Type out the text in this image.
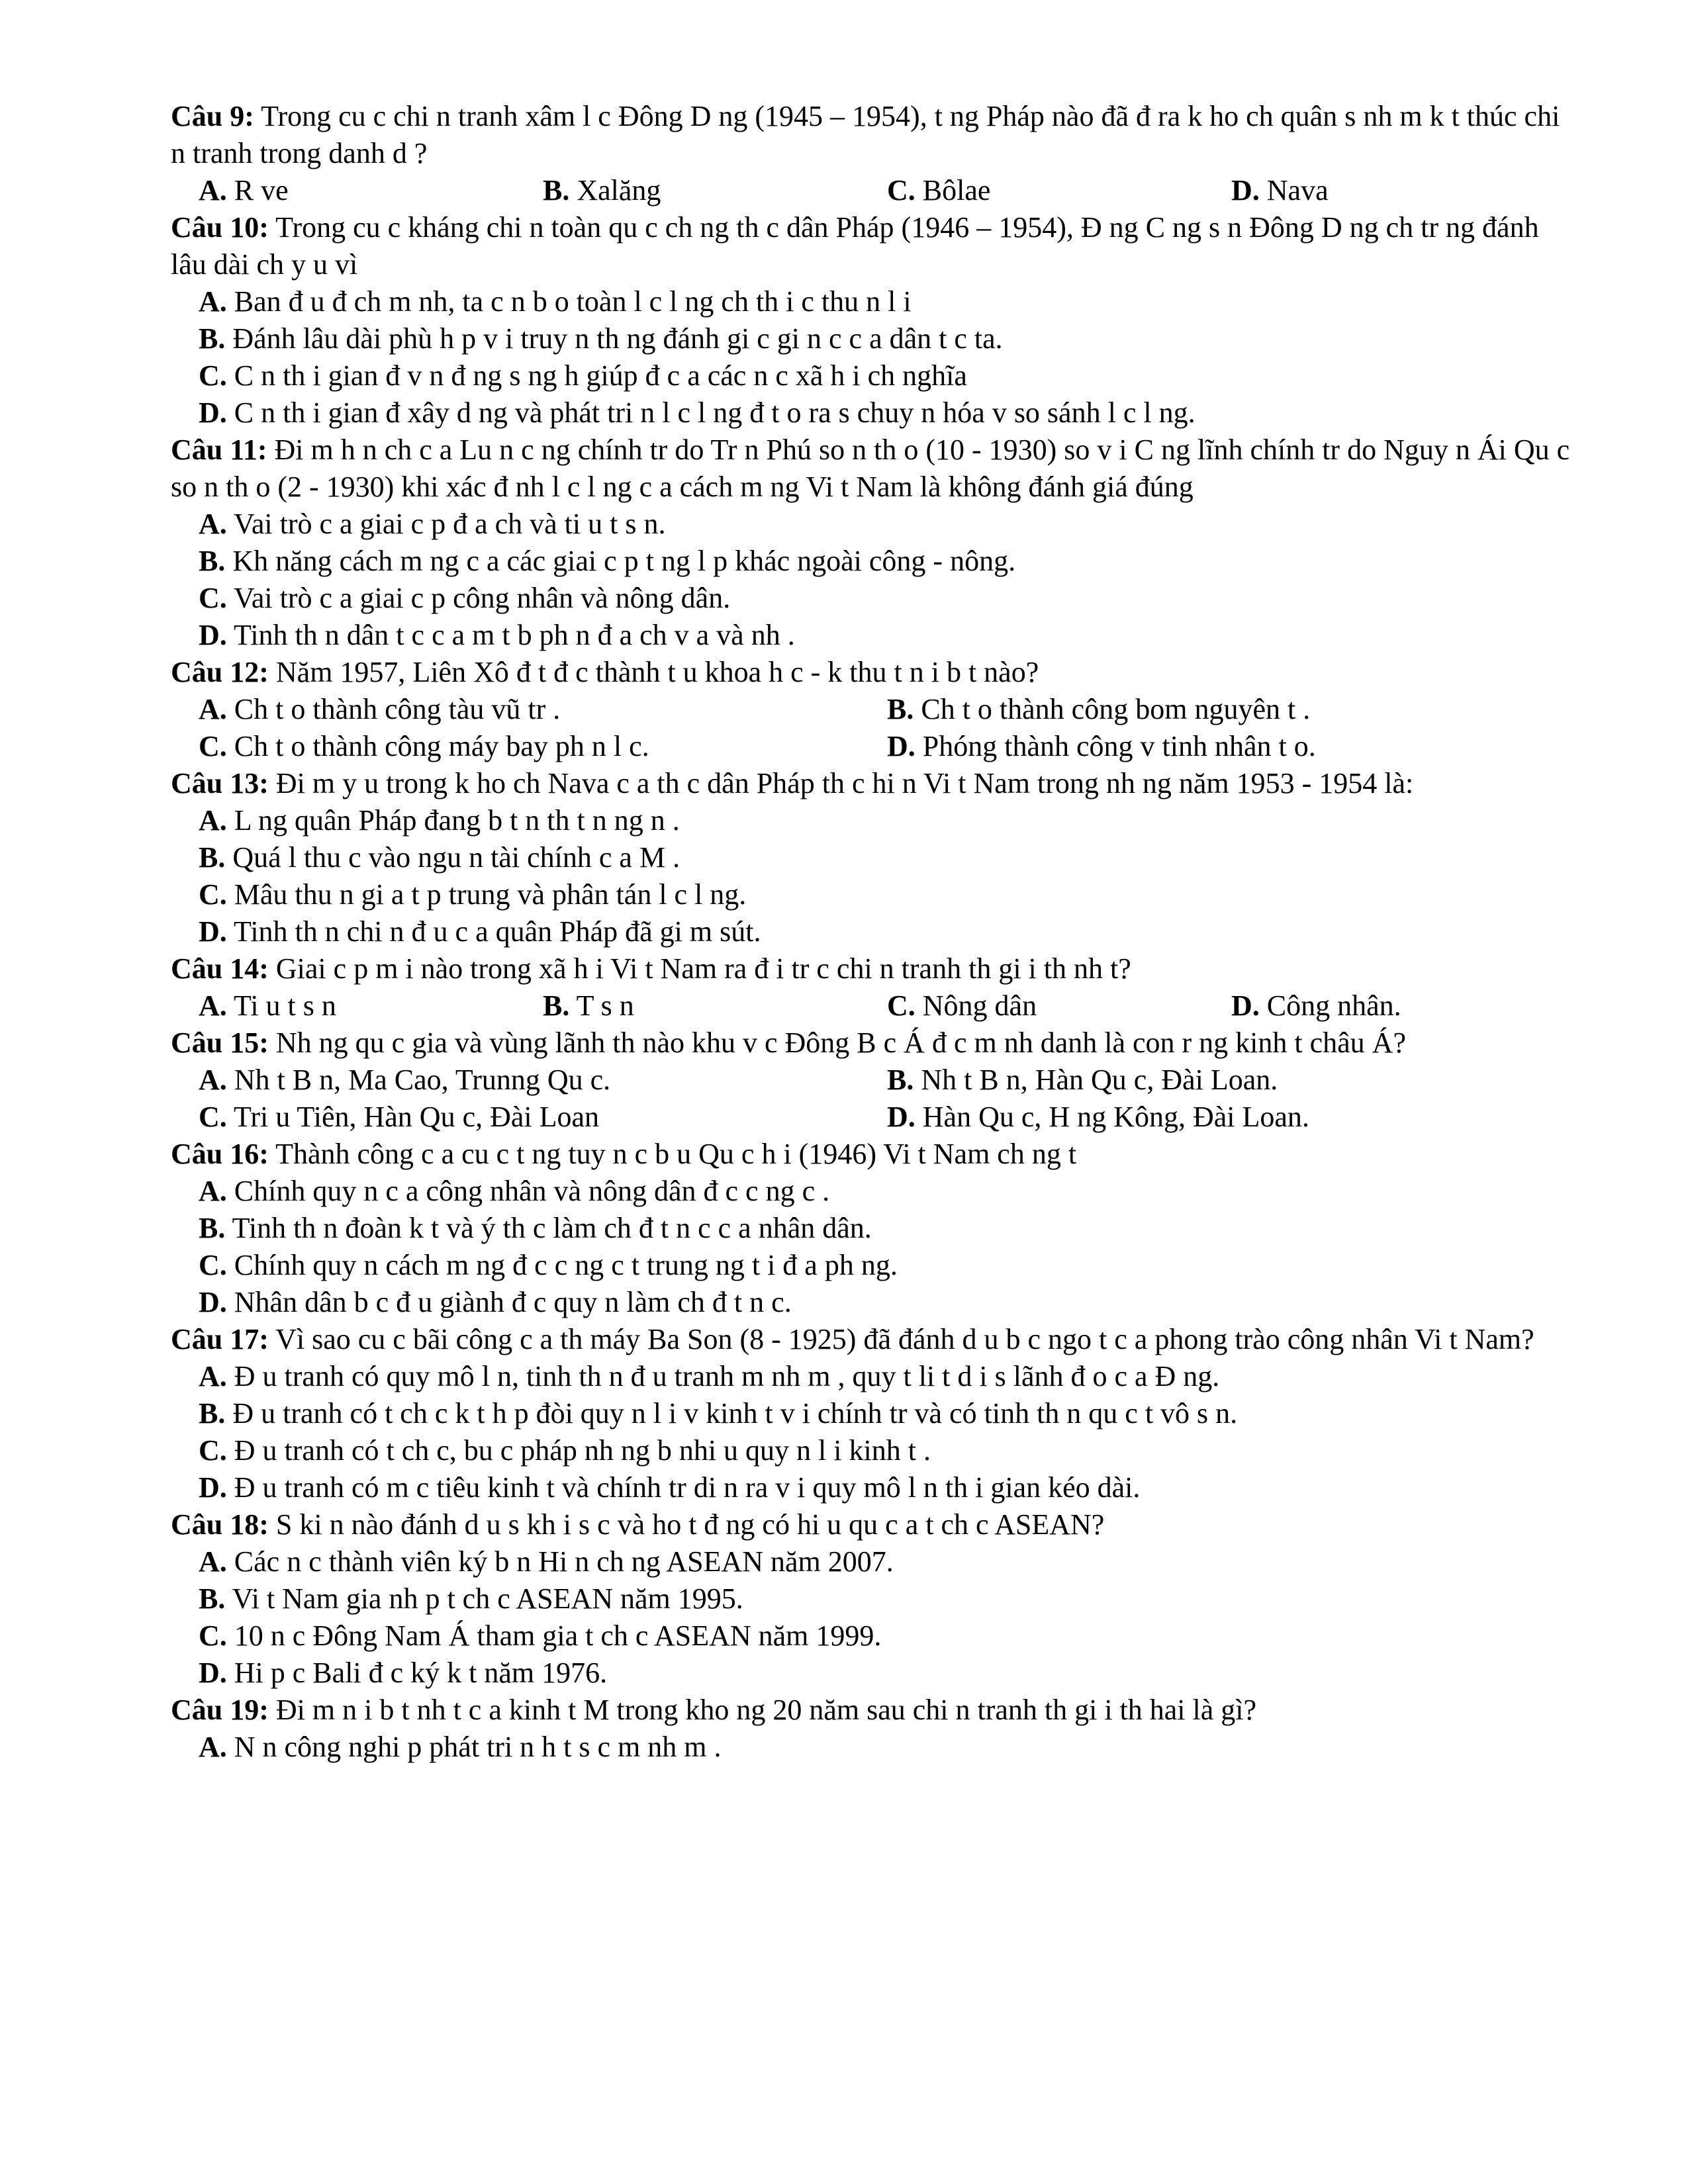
Câu 9: Trong cu c chi n tranh xâm l c Đông D ng (1945 – 1954), t ng Pháp nào đã đ ra k ho ch quân s nh m k t thúc chi n tranh trong danh d ?

A. R ve	B. Xalăng	C. Bôlae	D. Nava

Câu 10: Trong cu c kháng chi n toàn qu c ch ng th c dân Pháp (1946 – 1954), Đ ng C ng s n Đông D ng ch tr ng đánh lâu dài ch y u vì

A. Ban đ u đ ch m nh, ta c n b o toàn l c l ng ch th i c thu n l i
B. Đánh lâu dài phù h p v i truy n th ng đánh gi c gi n c c a dân t c ta.
C. C n th i gian đ v n đ ng s ng h giúp đ c a các n c xã h i ch nghĩa
D. C n th i gian đ xây d ng và phát tri n l c l ng đ t o ra s chuy n hóa v so sánh l c l ng.

Câu 11: Đi m h n ch c a Lu n c ng chính tr do Tr n Phú so n th o (10 - 1930) so v i C ng lĩnh chính tr do Nguy n Ái Qu c so n th o (2 - 1930) khi xác đ nh l c l ng c a cách m ng Vi t Nam là không đánh giá đúng

A. Vai trò c a giai c p đ a ch và ti u t s n.
B. Kh năng cách m ng c a các giai c p t ng l p khác ngoài công - nông.
C. Vai trò c a giai c p công nhân và nông dân.
D. Tinh th n dân t c c a m t b ph n đ a ch v a và nh .

Câu 12: Năm 1957, Liên Xô đ t đ c thành t u khoa h c - k thu t n i b t nào?

A. Ch t o thành công tàu vũ tr .	B. Ch t o thành công bom nguyên t .
C. Ch t o thành công máy bay ph n l c.	D. Phóng thành công v tinh nhân t o.

Câu 13: Đi m y u trong k ho ch Nava c a th c dân Pháp th c hi n Vi t Nam trong nh ng năm 1953 - 1954 là:

A. L ng quân Pháp đang b t n th t n ng n .
B. Quá l thu c vào ngu n tài chính c a M .
C. Mâu thu n gi a t p trung và phân tán l c l ng.
D. Tinh th n chi n đ u c a quân Pháp đã gi m sút.

Câu 14: Giai c p m i nào trong xã h i Vi t Nam ra đ i tr c chi n tranh th gi i th nh t?

A. Ti u t s n	B. T s n	C. Nông dân	D. Công nhân.

Câu 15: Nh ng qu c gia và vùng lãnh th nào khu v c Đông B c Á đ c m nh danh là con r ng kinh t châu Á?

A. Nh t B n, Ma Cao, Trunng Qu c.	B. Nh t B n, Hàn Qu c, Đài Loan.
C. Tri u Tiên, Hàn Qu c, Đài Loan	D. Hàn Qu c, H ng Kông, Đài Loan.

Câu 16: Thành công c a cu c t ng tuy n c b u Qu c h i (1946) Vi t Nam ch ng t

A. Chính quy n c a công nhân và nông dân đ c c ng c .
B. Tinh th n đoàn k t và ý th c làm ch đ t n c c a nhân dân.
C. Chính quy n cách m ng đ c c ng c t trung ng t i đ a ph ng.
D. Nhân dân b c đ u giành đ c quy n làm ch đ t n c.

Câu 17: Vì sao cu c bãi công c a th máy Ba Son (8 - 1925) đã đánh d u b c ngo t c a phong trào công nhân Vi t Nam?

A. Đ u tranh có quy mô l n, tinh th n đ u tranh m nh m , quy t li t d i s lãnh đ o c a Đ ng.
B. Đ u tranh có t ch c k t h p đòi quy n l i v kinh t v i chính tr và có tinh th n qu c t vô s n.
C. Đ u tranh có t ch c, bu c pháp nh ng b nhi u quy n l i kinh t .
D. Đ u tranh có m c tiêu kinh t và chính tr di n ra v i quy mô l n th i gian kéo dài.

Câu 18: S ki n nào đánh d u s kh i s c và ho t đ ng có hi u qu c a t ch c ASEAN?

A. Các n c thành viên ký b n Hi n ch ng ASEAN năm 2007.
B. Vi t Nam gia nh p t ch c ASEAN năm 1995.
C. 10 n c Đông Nam Á tham gia t ch c ASEAN năm 1999.
D. Hi p c Bali đ c ký k t năm 1976.

Câu 19: Đi m n i b t nh t c a kinh t M trong kho ng 20 năm sau chi n tranh th gi i th hai là gì?

A. N n công nghi p phát tri n h t s c m nh m .
